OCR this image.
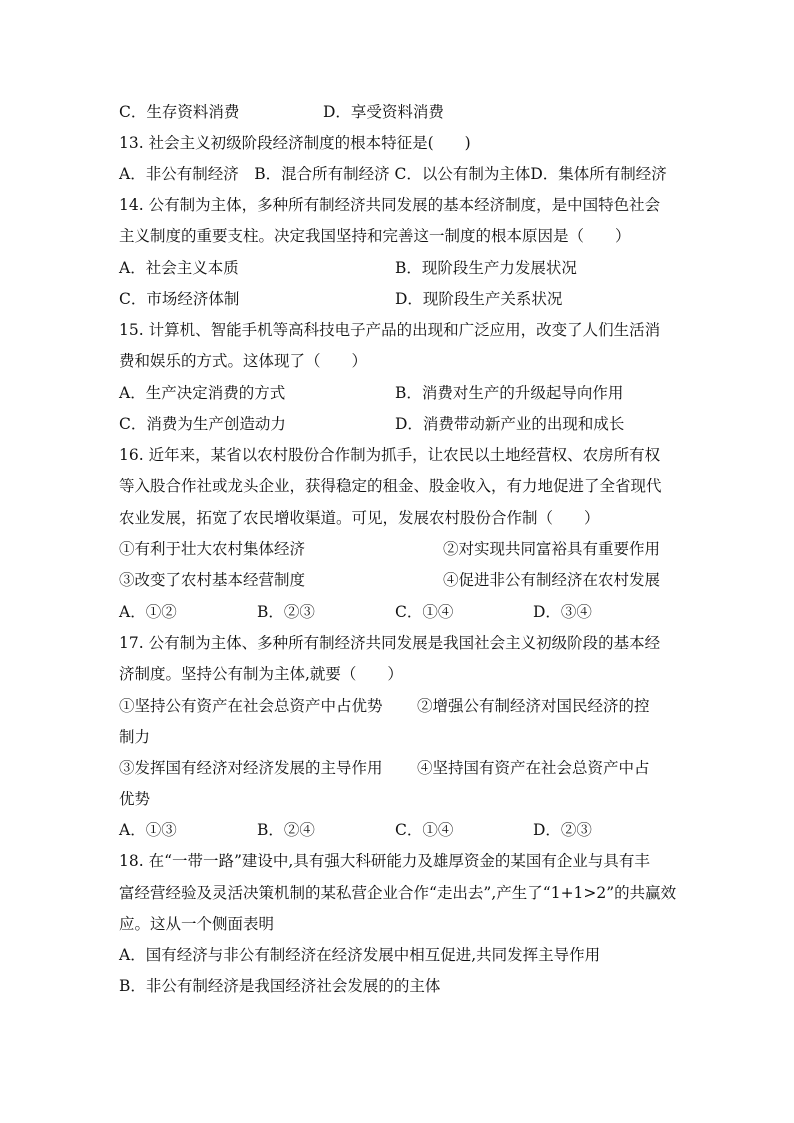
C．生存资料消费	D．享受资料消费
13. 社会主义初级阶段经济制度的根本特征是(　　)
A．非公有制经济　B．混合所有制经济 C．以公有制为主体D．集体所有制经济
14. 公有制为主体，多种所有制经济共同发展的基本经济制度，是中国特色社会
主义制度的重要支柱。决定我国坚持和完善这一制度的根本原因是（　　）
A．社会主义本质	B．现阶段生产力发展状况
C．市场经济体制	D．现阶段生产关系状况
15. 计算机、智能手机等高科技电子产品的出现和广泛应用，改变了人们生活消
费和娱乐的方式。这体现了（　　）
A．生产决定消费的方式	B．消费对生产的升级起导向作用
C．消费为生产创造动力	D．消费带动新产业的出现和成长
16. 近年来，某省以农村股份合作制为抓手，让农民以土地经营权、农房所有权
等入股合作社或龙头企业，获得稳定的租金、股金收入，有力地促进了全省现代
农业发展，拓宽了农民增收渠道。可见，发展农村股份合作制（　　）
①有利于壮大农村集体经济	②对实现共同富裕具有重要作用
③改变了农村基本经营制度	④促进非公有制经济在农村发展
A．①②	B．②③	C．①④	D．③④
17. 公有制为主体、多种所有制经济共同发展是我国社会主义初级阶段的基本经
济制度。坚持公有制为主体,就要（　　）
①坚持公有资产在社会总资产中占优势 ②增强公有制经济对国民经济的控
制力
③发挥国有经济对经济发展的主导作用 ④坚持国有资产在社会总资产中占
优势
A．①③	B．②④	C．①④	D．②③
18. 在“一带一路”建设中,具有强大科研能力及雄厚资金的某国有企业与具有丰
富经营经验及灵活决策机制的某私营企业合作“走出去”,产生了“1+1>2”的共赢效
应。这从一个侧面表明
A．国有经济与非公有制经济在经济发展中相互促进,共同发挥主导作用
B．非公有制经济是我国经济社会发展的的主体
